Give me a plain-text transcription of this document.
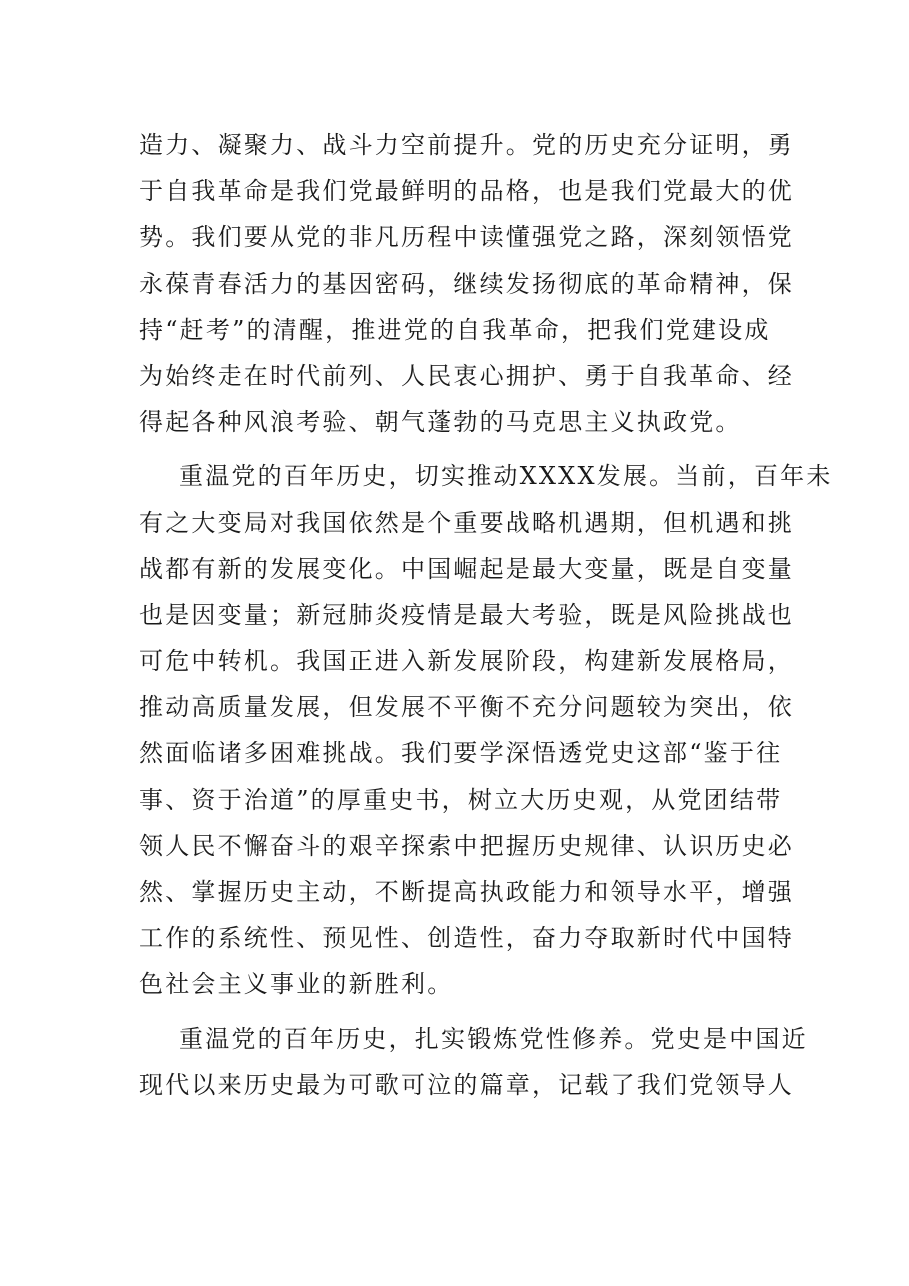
造力、凝聚力、战斗力空前提升。党的历史充分证明，勇
于自我革命是我们党最鲜明的品格，也是我们党最大的优
势。我们要从党的非凡历程中读懂强党之路，深刻领悟党
永葆青春活力的基因密码，继续发扬彻底的革命精神，保
持“赶考”的清醒，推进党的自我革命，把我们党建设成
为始终走在时代前列、人民衷心拥护、勇于自我革命、经
得起各种风浪考验、朝气蓬勃的马克思主义执政党。
重温党的百年历史，切实推动XXXX发展。当前，百年未
有之大变局对我国依然是个重要战略机遇期，但机遇和挑
战都有新的发展变化。中国崛起是最大变量，既是自变量
也是因变量；新冠肺炎疫情是最大考验，既是风险挑战也
可危中转机。我国正进入新发展阶段，构建新发展格局，
推动高质量发展，但发展不平衡不充分问题较为突出，依
然面临诸多困难挑战。我们要学深悟透党史这部“鉴于往
事、资于治道”的厚重史书，树立大历史观，从党团结带
领人民不懈奋斗的艰辛探索中把握历史规律、认识历史必
然、掌握历史主动，不断提高执政能力和领导水平，增强
工作的系统性、预见性、创造性，奋力夺取新时代中国特
色社会主义事业的新胜利。
重温党的百年历史，扎实锻炼党性修养。党史是中国近
现代以来历史最为可歌可泣的篇章，记载了我们党领导人
